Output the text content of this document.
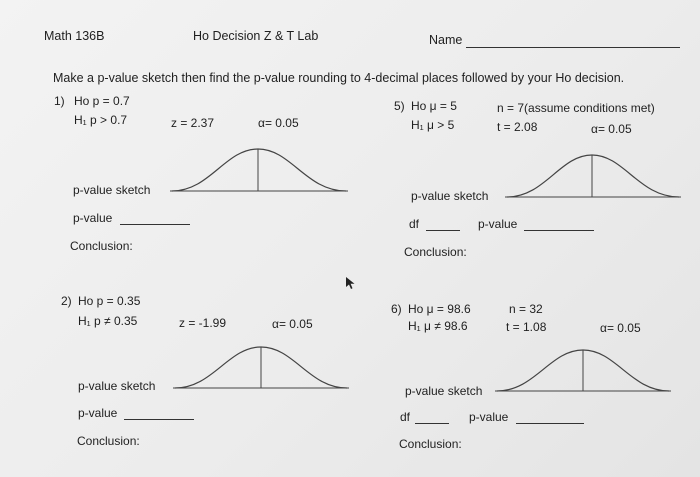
Math 136B	Ho Decision Z & T Lab	Name
Make a p-value sketch then find the p-value rounding to 4-decimal places followed by your Ho decision.
1) Ho p = 0.7
H₁ p > 0.7	z = 2.37	α= 0.05
p-value sketch
p-value
Conclusion:
5) Ho μ = 5
H₁ μ > 5
n = 7(assume conditions met)
t = 2.08	α= 0.05
p-value sketch
df	p-value
Conclusion:
2) Ho p = 0.35
H₁ p ≠ 0.35	z = -1.99	α= 0.05
p-value sketch
p-value
Conclusion:
6) Ho μ = 98.6
H₁ μ ≠ 98.6
n = 32
t = 1.08	α= 0.05
p-value sketch
df	p-value
Conclusion:
